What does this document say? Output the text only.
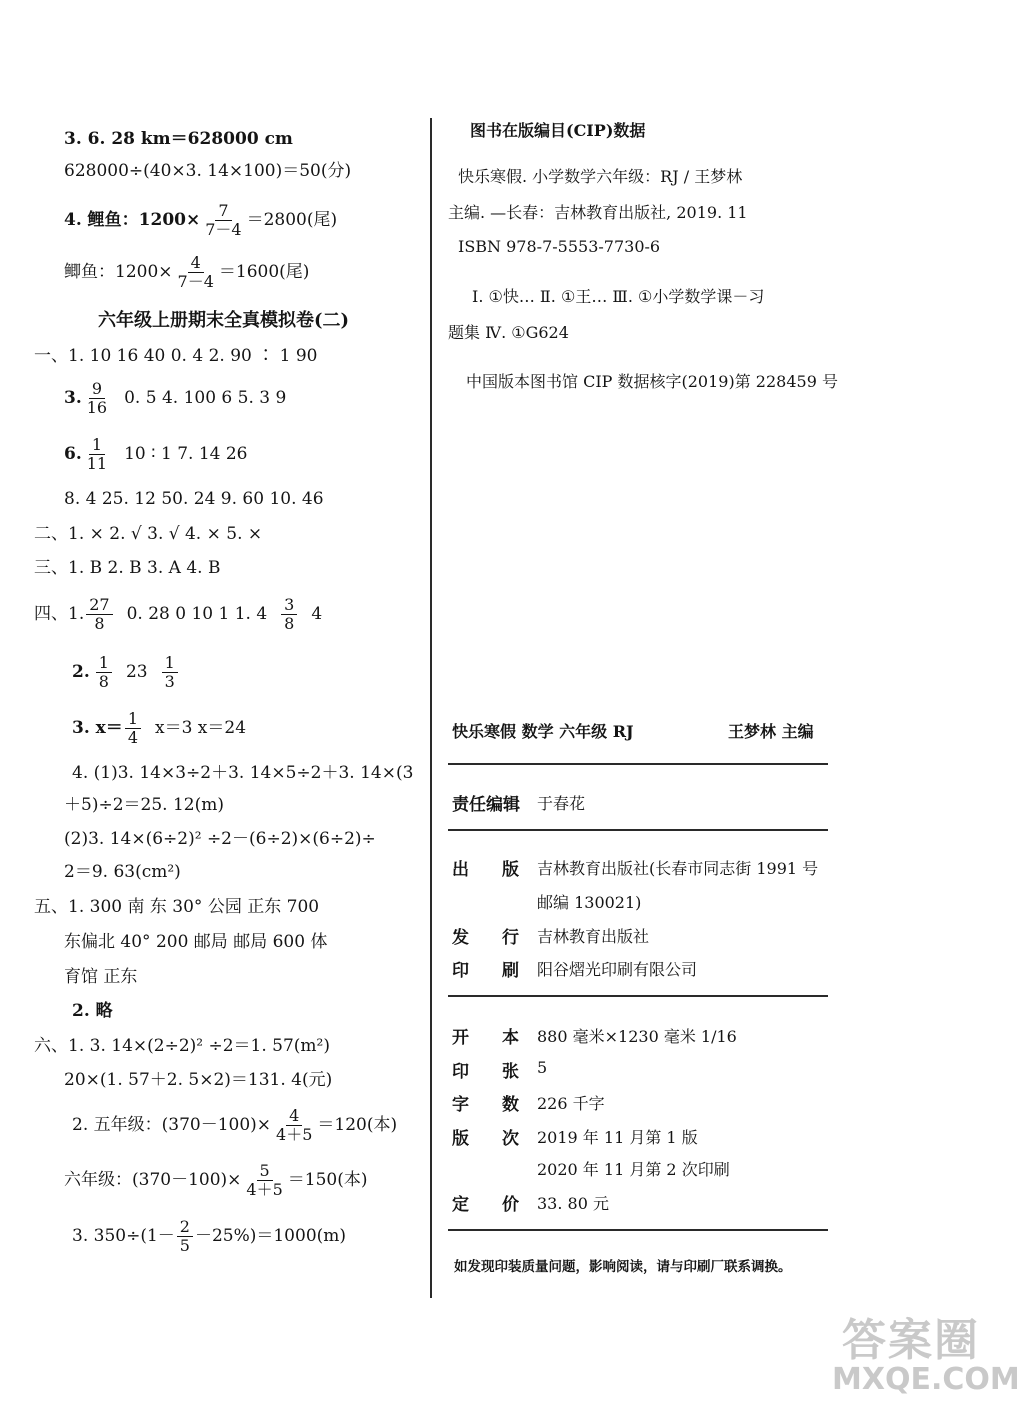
3. 6. 28 km＝628000 cm
628000÷(40×3. 14×100)＝50(分)
4. 鲤鱼：$1200\times \frac{7}{7-4} =2800$(尾)
鲫鱼：$1200\times \frac{4}{7-4} =1600$(尾)
六年级上册期末全真模拟卷(二)
一、1. 10 16 40 0. 4 2. 90 ∶ 1 90
3. $\frac{9}{16} 0$. 5 4. 100 6 5. 3 9
6. $\frac{1}{11} 10$ ∶ 1 7. 14 26
8. 4 25. 12 50. 24 9. 60 10. 46
二、1. × 2. √ 3. √ 4. × 5. ×
三、1. B 2. B 3. A 4. B
四、1. $\frac{27}{8} 0$. 28 0 10 1 1. $4 \frac{3}{8} 4$
2. $\frac{1}{8} 23 \frac{1}{3}$
3. $x= \frac{1}{4} x=3$ x＝24
4. (1)3. 14×3÷2＋3. 14×5÷2＋3. 14×(3
＋5)÷2＝25. 12(m)
(2)3. 14×(6÷2)² ÷2－(6÷2)×(6÷2)÷
2＝9. 63(cm²)
五、1. 300 南 东 30° 公园 正东 700
东偏北 40° 200 邮局 邮局 600 体
育馆 正东
2. 略
六、1. 3. 14×(2÷2)² ÷2＝1. 57(m²)
20×(1. 57＋2. 5×2)＝131. 4(元)
2. 五年级：$(370-100)\times \frac{4}{4+5} =120$(本)
六年级：$(370-100)\times \frac{5}{4+5} =150$(本)
3. $350\div(1- \frac{2}{5} -25\%)=1000(m)$
图书在版编目(CIP)数据
快乐寒假. 小学数学六年级：RJ / 王梦林
主编. —长春：吉林教育出版社, 2019. 11
ISBN 978-7-5553-7730-6
Ⅰ. ①快… Ⅱ. ①王… Ⅲ. ①小学数学课－习
题集 Ⅳ. ①G624
中国版本图书馆 CIP 数据核字(2019)第 228459 号
快乐寒假 数学 六年级 RJ	王梦林 主编
责任编辑 于春花
出 版 吉林教育出版社(长春市同志街 1991 号
邮编 130021)
发 行 吉林教育出版社
印 刷 阳谷熠光印刷有限公司
开 本 880 毫米×1230 毫米 1/16
印 张 5
字 数 226 千字
版 次 2019 年 11 月第 1 版
2020 年 11 月第 2 次印刷
定 价 33. 80 元
如发现印装质量问题，影响阅读，请与印刷厂联系调换。
答案圈
MXQE.COM
